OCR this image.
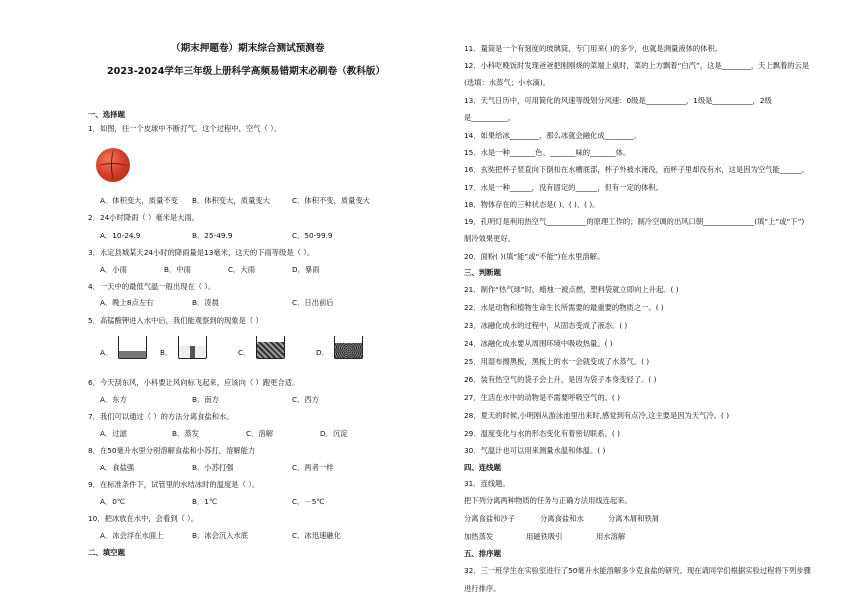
（期末押题卷）期末综合测试预测卷
2023-2024学年三年级上册科学高频易错期末必刷卷（教科版）
一、选择题
1．如图，往一个皮球中不断打气，这个过程中，空气（ ）。
A．体积变大，质量不变 B．体积变大，质量变大	C．体积不变，质量变大
2．24小时降雨（ ）毫米是大雨。
A．10-24.9	B．25-49.9	C．50-99.9
3．永定县城某天24小时的降雨量是13毫米，这天的下雨等级是（ ）。
A．小雨	B．中雨	C．大雨	D．暴雨
4．一天中的最低气温一般出现在（ ）。
A．晚上8点左右	B．凌晨	C．日出前后
5．高锰酸钾进入水中后，我们能观察到的现象是（ ）
A．	B．	C．	D．
6．今天刮东风，小科要让风向标飞起来，应该向（ ）跑更合适。
A．东方	B．南方	C．西方
7．我们可以通过（ ）的方法分离食盐和水。
A．过滤	B．蒸发	C．溶解	D．沉淀
8．在50毫升水里分别溶解食盐和小苏打，溶解能力
A．食盐强	B．小苏打强	C．两者一样
9．在标准条件下，试管里的水结冰时的温度是（ ）。
A．0℃	B．1℃	C．－5℃
10．把冰放在水中，会看到（ ）。
A．冰会浮在水面上	B．冰会沉入水底	C．冰迅速融化
二、填空题
11．量筒是一个有刻度的玻璃筒，专门用来( )的多少，也就是测量液体的体积。
12．小科吃晚饭时发现爸爸把刚刚烧的菜端上桌时，菜的上方飘着“白汽”，这是________，天上飘着的云是
(选填：水蒸气；小水滴)。
13．天气日历中，可用简化的风速等级划分风速：0级是___________，1级是___________，2级
是__________。
14．如果给冰________，那么冰就会融化成________。
15．水是一种_______色、_______味的_______体。
16．玄奘把杯子竖直向下倒扣在水槽底部，杯子外被水淹没，而杯子里却没有水，这是因为空气能______。
17．水是一种______，没有固定的______，但有一定的体积。
18．物体存在的三种状态是( )、( )、( )。
19．孔明灯是利用热空气___________的原理工作的；制冷空调的出风口朝______________(填“上”或“下”)
制冷效果更好。
20．面粉( )(填“能”或“不能”)在水里溶解。
三、判断题
21．制作“热气球”时，蜡烛一被点燃，塑料袋就立即向上升起。( )
22．水是动物和植物生命生长所需要的最重要的物质之一。( )
23．冰融化成水的过程中，从固态变成了液态。( )
24．冰融化成水要从周围环境中吸收热量。( )
25．用湿布擦黑板，黑板上的水一会就变成了水蒸气。( )
26．装有热空气的袋子会上升，是因为袋子本身变轻了。( )
27．生活在水中的动物是不需要呼吸空气的。( )
28．夏天的时候,小明刚从游泳池里出来时,感觉到有点冷,这主要是因为天气冷。( )
29．温度变化与水的形态变化有着密切联系。( )
30．气温计也可以用来测量水温和体温。( )
四、连线题
31．连线题。
把下列分离两种物质的任务与正确方法用线连起来。
分离食盐和沙子	分离食盐和水	分离木屑和铁屑
加热蒸发	用磁铁吸引	用水溶解
五、排序题
32．三一班学生在实验室进行了50毫升水能溶解多少克食盐的研究。现在请同学们根据实验过程将下列步骤
进行排序。
